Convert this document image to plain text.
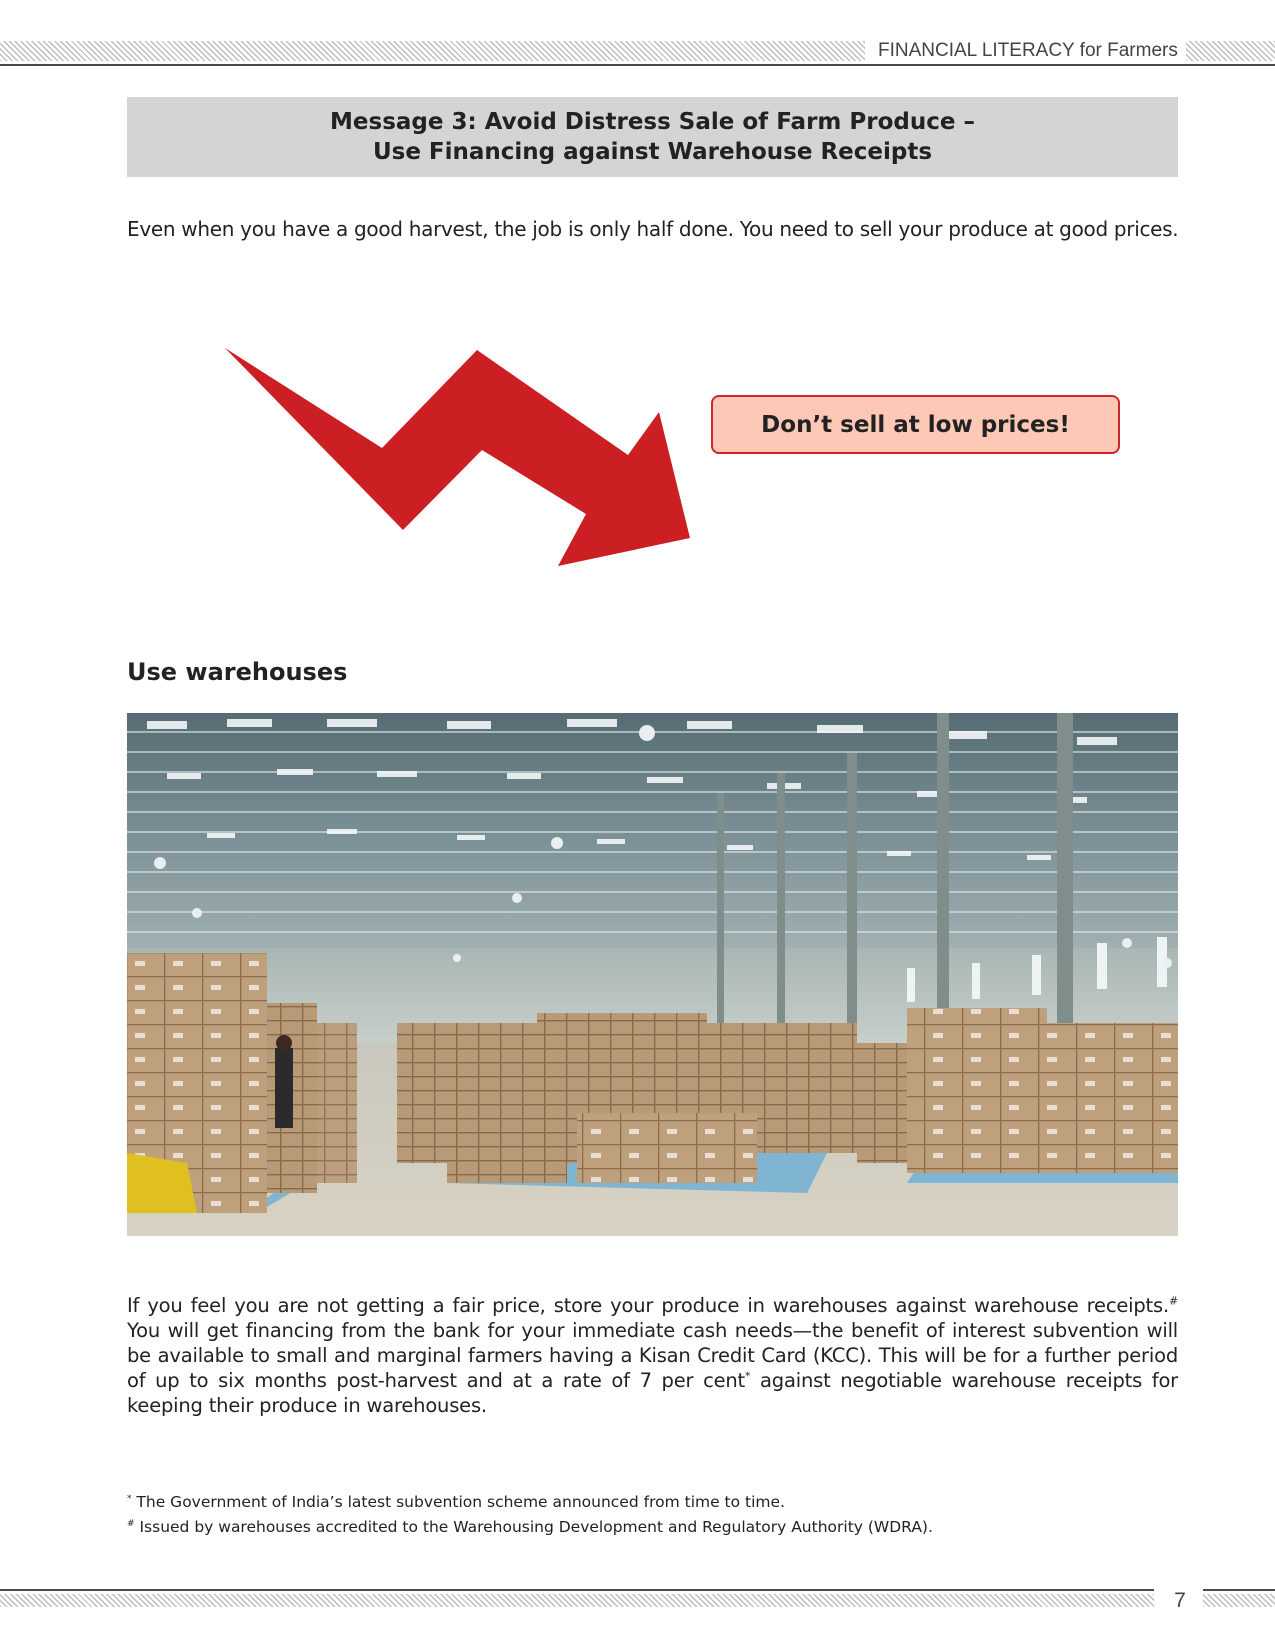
FINANCIAL LITERACY for Farmers
Message 3: Avoid Distress Sale of Farm Produce –
Use Financing against Warehouse Receipts
Even when you have a good harvest, the job is only half done. You need to sell your produce at good prices.
Don’t sell at low prices!
Use warehouses
If you feel you are not getting a fair price, store your produce in warehouses against warehouse receipts.# You will get financing from the bank for your immediate cash needs—the benefit of interest subvention will be available to small and marginal farmers having a Kisan Credit Card (KCC). This will be for a further period of up to six months post-harvest and at a rate of 7 per cent* against negotiable warehouse receipts for keeping their produce in warehouses.
* The Government of India’s latest subvention scheme announced from time to time.
# Issued by warehouses accredited to the Warehousing Development and Regulatory Authority (WDRA).
7
